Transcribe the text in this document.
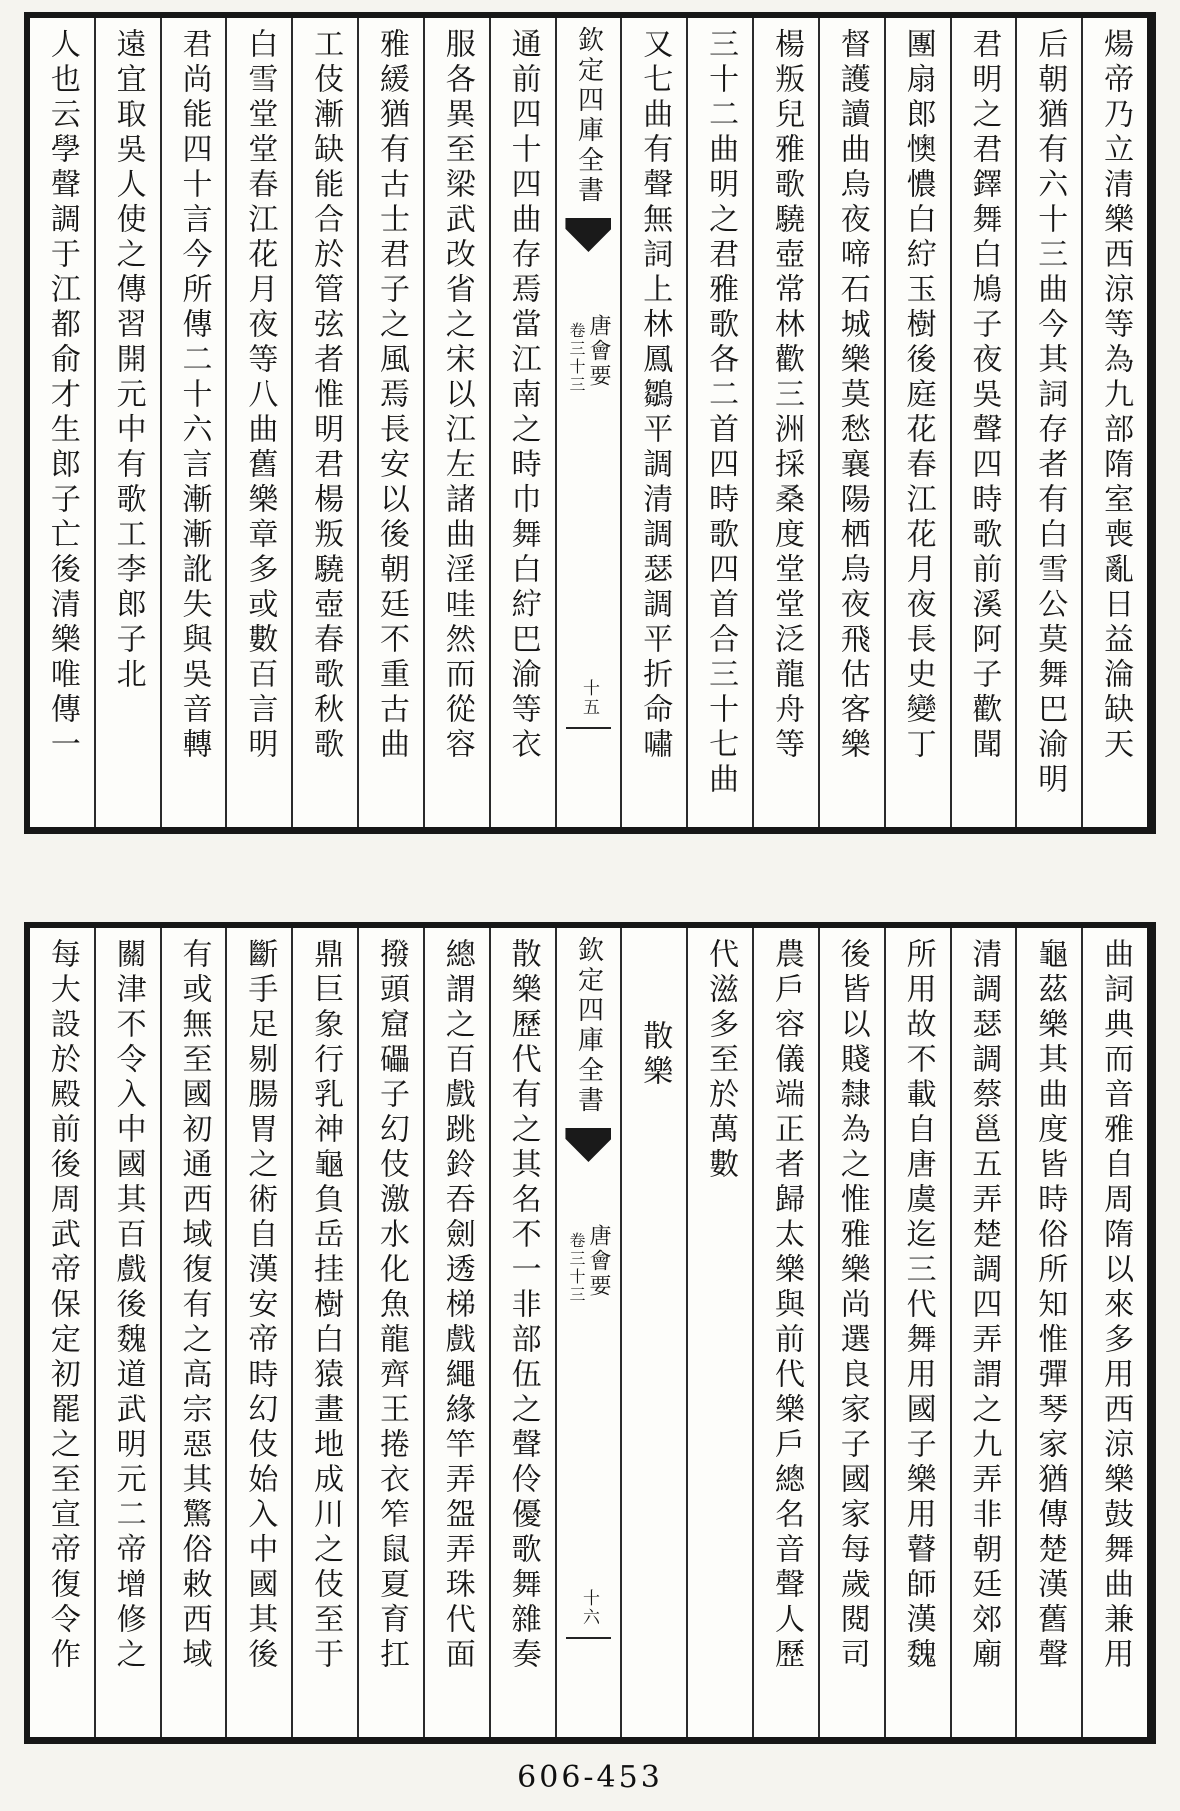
煬帝乃立清樂西涼等為九部隋室喪亂日益淪缺天
后朝猶有六十三曲今其詞存者有白雪公莫舞巴渝明
君明之君鐸舞白鳩子夜吳聲四時歌前溪阿子歡聞
團扇郎懊憹白紵玉樹後庭花春江花月夜長史變丁
督護讀曲烏夜啼石城樂莫愁襄陽栖烏夜飛估客樂
楊叛兒雅歌驍壺常林歡三洲採桑度堂堂泛龍舟等
三十二曲明之君雅歌各二首四時歌四首合三十七曲
又七曲有聲無詞上林鳳鶵平調清調瑟調平折命嘯
欽定四庫全書
唐會要
卷三十三
十五
通前四十四曲存焉當江南之時巾舞白紵巴渝等衣
服各異至梁武改省之宋以江左諸曲淫哇然而從容
雅緩猶有古士君子之風焉長安以後朝廷不重古曲
工伎漸缺能合於管弦者惟明君楊叛驍壺春歌秋歌
白雪堂堂春江花月夜等八曲舊樂章多或數百言明
君尚能四十言今所傳二十六言漸漸訛失與吳音轉
遠宜取吳人使之傳習開元中有歌工李郎子北
人也云學聲調于江都俞才生郎子亡後清樂唯傳一
曲詞典而音雅自周隋以來多用西涼樂鼓舞曲兼用
龜茲樂其曲度皆時俗所知惟彈琴家猶傳楚漢舊聲
清調瑟調蔡邕五弄楚調四弄謂之九弄非朝廷郊廟
所用故不載自唐虞迄三代舞用國子樂用瞽師漢魏
後皆以賤隸為之惟雅樂尚選良家子國家每歲閱司
農戶容儀端正者歸太樂與前代樂戶總名音聲人歷
代滋多至於萬數
散樂
欽定四庫全書
唐會要
卷三十三
十六
散樂歷代有之其名不一非部伍之聲伶優歌舞雜奏
總謂之百戲跳鈴吞劍透梯戲繩緣竿弄盌弄珠代面
撥頭窟礧子幻伎激水化魚龍齊王捲衣笮鼠夏育扛
鼎巨象行乳神龜負岳挂樹白猿畫地成川之伎至于
斷手足剔腸胃之術自漢安帝時幻伎始入中國其後
有或無至國初通西域復有之高宗惡其驚俗敕西域
關津不令入中國其百戲後魏道武明元二帝增修之
每大設於殿前後周武帝保定初罷之至宣帝復令作
606-453
